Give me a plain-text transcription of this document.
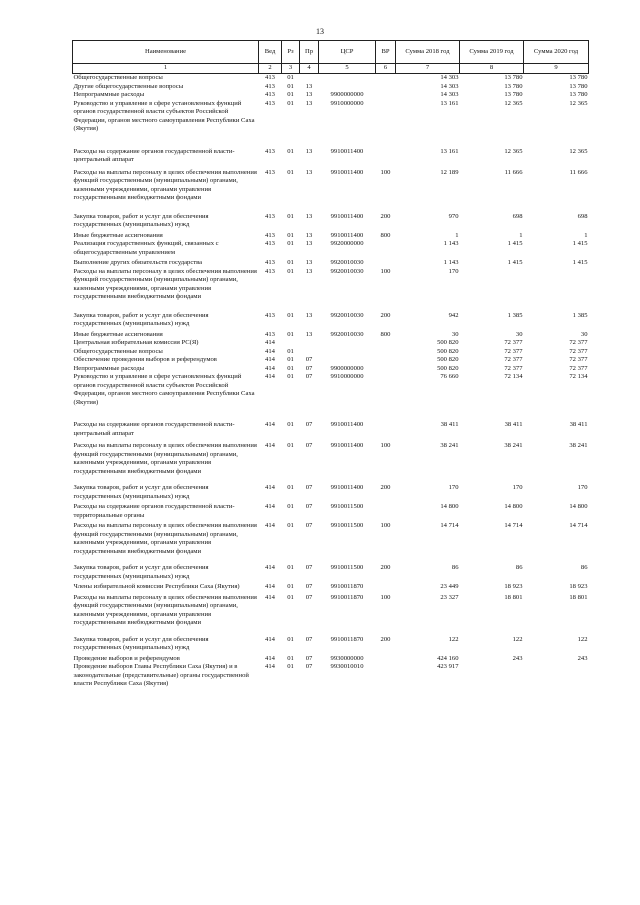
13
Наименование	Вед	Рз	Пр	ЦСР	ВР	Сумма 2018 год	Сумма 2019 год	Сумма 2020 год
1	2	3	4	5	6	7	8	9
Общегосударственные вопросы	413	01				14 303	13 780	13 780
Другие общегосударственные вопросы	413	01	13			14 303	13 780	13 780
Непрограммные расходы	413	01	13	9900000000		14 303	13 780	13 780
Руководство и управление в сфере установленных функций органов государственной власти субъектов Российской Федерации, органов местного самоуправления Республики Саха (Якутия)	413	01	13	9910000000		13 161	12 365	12 365
Расходы на содержание органов государственной власти- центральный аппарат	413	01	13	9910011400		13 161	12 365	12 365
Расходы на выплаты персоналу в целях обеспечения выполнения функций государственными (муниципальными) органами, казенными учреждениями, органами управления государственными внебюджетными фондами	413	01	13	9910011400	100	12 189	11 666	11 666
Закупка товаров, работ и услуг для обеспечения государственных (муниципальных) нужд	413	01	13	9910011400	200	970	698	698
Иные бюджетные ассигнования	413	01	13	9910011400	800	1	1	1
Реализация государственных функций, связанных с общегосударственным управлением	413	01	13	9920000000		1 143	1 415	1 415
Выполнение других обязательств государства	413	01	13	9920010030		1 143	1 415	1 415
Расходы на выплаты персоналу в целях обеспечения выполнения функций государственными (муниципальными) органами, казенными учреждениями, органами управления государственными внебюджетными фондами	413	01	13	9920010030	100	170		
Закупка товаров, работ и услуг для обеспечения государственных (муниципальных) нужд	413	01	13	9920010030	200	942	1 385	1 385
Иные бюджетные ассигнования	413	01	13	9920010030	800	30	30	30
Центральная избирательная комиссия РС(Я)	414					500 820	72 377	72 377
Общегосударственные вопросы	414	01				500 820	72 377	72 377
Обеспечение проведения выборов и референдумов	414	01	07			500 820	72 377	72 377
Непрограммные расходы	414	01	07	9900000000		500 820	72 377	72 377
Руководство и управление в сфере установленных функций органов государственной власти субъектов Российской Федерации, органов местного самоуправления Республики Саха (Якутия)	414	01	07	9910000000		76 660	72 134	72 134
Расходы на содержание органов государственной власти- центральный аппарат	414	01	07	9910011400		38 411	38 411	38 411
Расходы на выплаты персоналу в целях обеспечения выполнения функций государственными (муниципальными) органами, казенными учреждениями, органами управления государственными внебюджетными фондами	414	01	07	9910011400	100	38 241	38 241	38 241
Закупка товаров, работ и услуг для обеспечения государственных (муниципальных) нужд	414	01	07	9910011400	200	170	170	170
Расходы на содержание органов государственной власти- территориальные органы	414	01	07	9910011500		14 800	14 800	14 800
Расходы на выплаты персоналу в целях обеспечения выполнения функций государственными (муниципальными) органами, казенными учреждениями, органами управления государственными внебюджетными фондами	414	01	07	9910011500	100	14 714	14 714	14 714
Закупка товаров, работ и услуг для обеспечения государственных (муниципальных) нужд	414	01	07	9910011500	200	86	86	86
Члены избирательной комиссии Республики Саха (Якутия)	414	01	07	9910011870		23 449	18 923	18 923
Расходы на выплаты персоналу в целях обеспечения выполнения функций государственными (муниципальными) органами, казенными учреждениями, органами управления государственными внебюджетными фондами	414	01	07	9910011870	100	23 327	18 801	18 801
Закупка товаров, работ и услуг для обеспечения государственных (муниципальных) нужд	414	01	07	9910011870	200	122	122	122
Проведение выборов и референдумов	414	01	07	9930000000		424 160	243	243
Проведение выборов Главы Республики Саха (Якутия) и в законодательные (представительные) органы государственной власти Республики Саха (Якутия)	414	01	07	9930010010		423 917		
